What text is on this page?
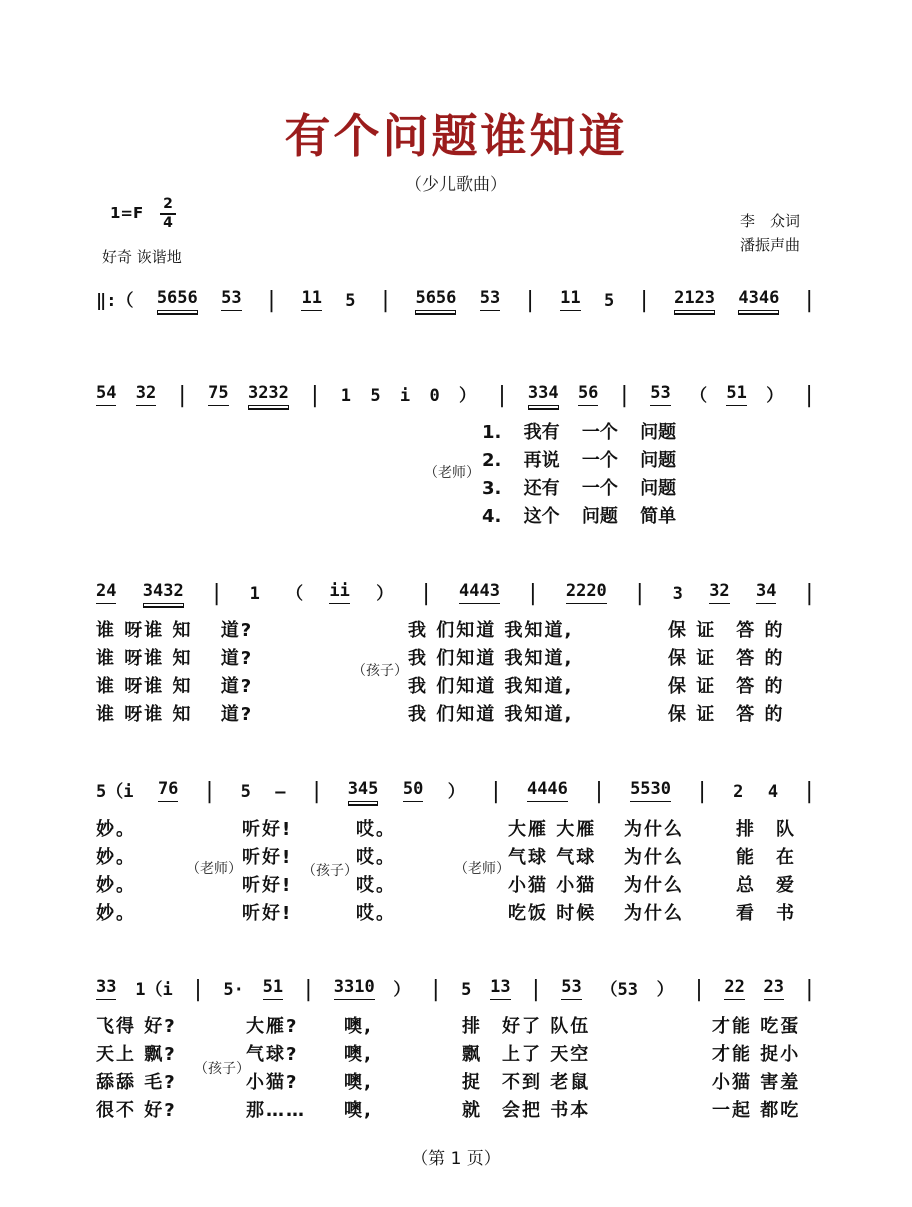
有个问题谁知道
（少儿歌曲）
1=F 2
4
好奇 诙谐地
李　众词
潘振声曲
‖:（ 5656 53 | 11 5 | 5656 53 | 11 5 | 2123 4346 |
54 32 | 75 3232 | 1 5 i 0 ） | 334 56 | 53 （ 51 ） |
（老师）
1. 我有 一个 问题
2. 再说 一个 问题
3. 还有 一个 问题
4. 这个 问题 简单
24 3432 | 1 （ ii ） | 4443 | 2220 | 3 32 34 |
谁 呀谁 知　 道?
谁 呀谁 知　 道?
谁 呀谁 知　 道?
谁 呀谁 知　 道?
（孩子）
我 们知道 我知道,
我 们知道 我知道,
我 们知道 我知道,
我 们知道 我知道,
保 证　答 的
保 证　答 的
保 证　答 的
保 证　答 的
5（i 76 | 5 — | 345 50 ） | 4446 | 5530 | 2 4 |
妙。
妙。
妙。
妙。
（老师）
听好!
听好!
听好!
听好!
（孩子）
哎。
哎。
哎。
哎。
（老师）
大雁 大雁
气球 气球
小猫 小猫
吃饭 时候
为什么
为什么
为什么
为什么
排　队
能　在
总　爱
看　书
33 1（i | 5· 51 | 3310 ） | 5 13 | 53 （53 ） | 22 23 |
飞得 好?
天上 飘?
舔舔 毛?
很不 好?
（孩子）
大雁?
气球?
小猫?
那……
噢,
噢,
噢,
噢,
排　好了 队伍
飘　上了 天空
捉　不到 老鼠
就　会把 书本
才能 吃蛋
才能 捉小
小猫 害羞
一起 都吃
（第 1 页）
